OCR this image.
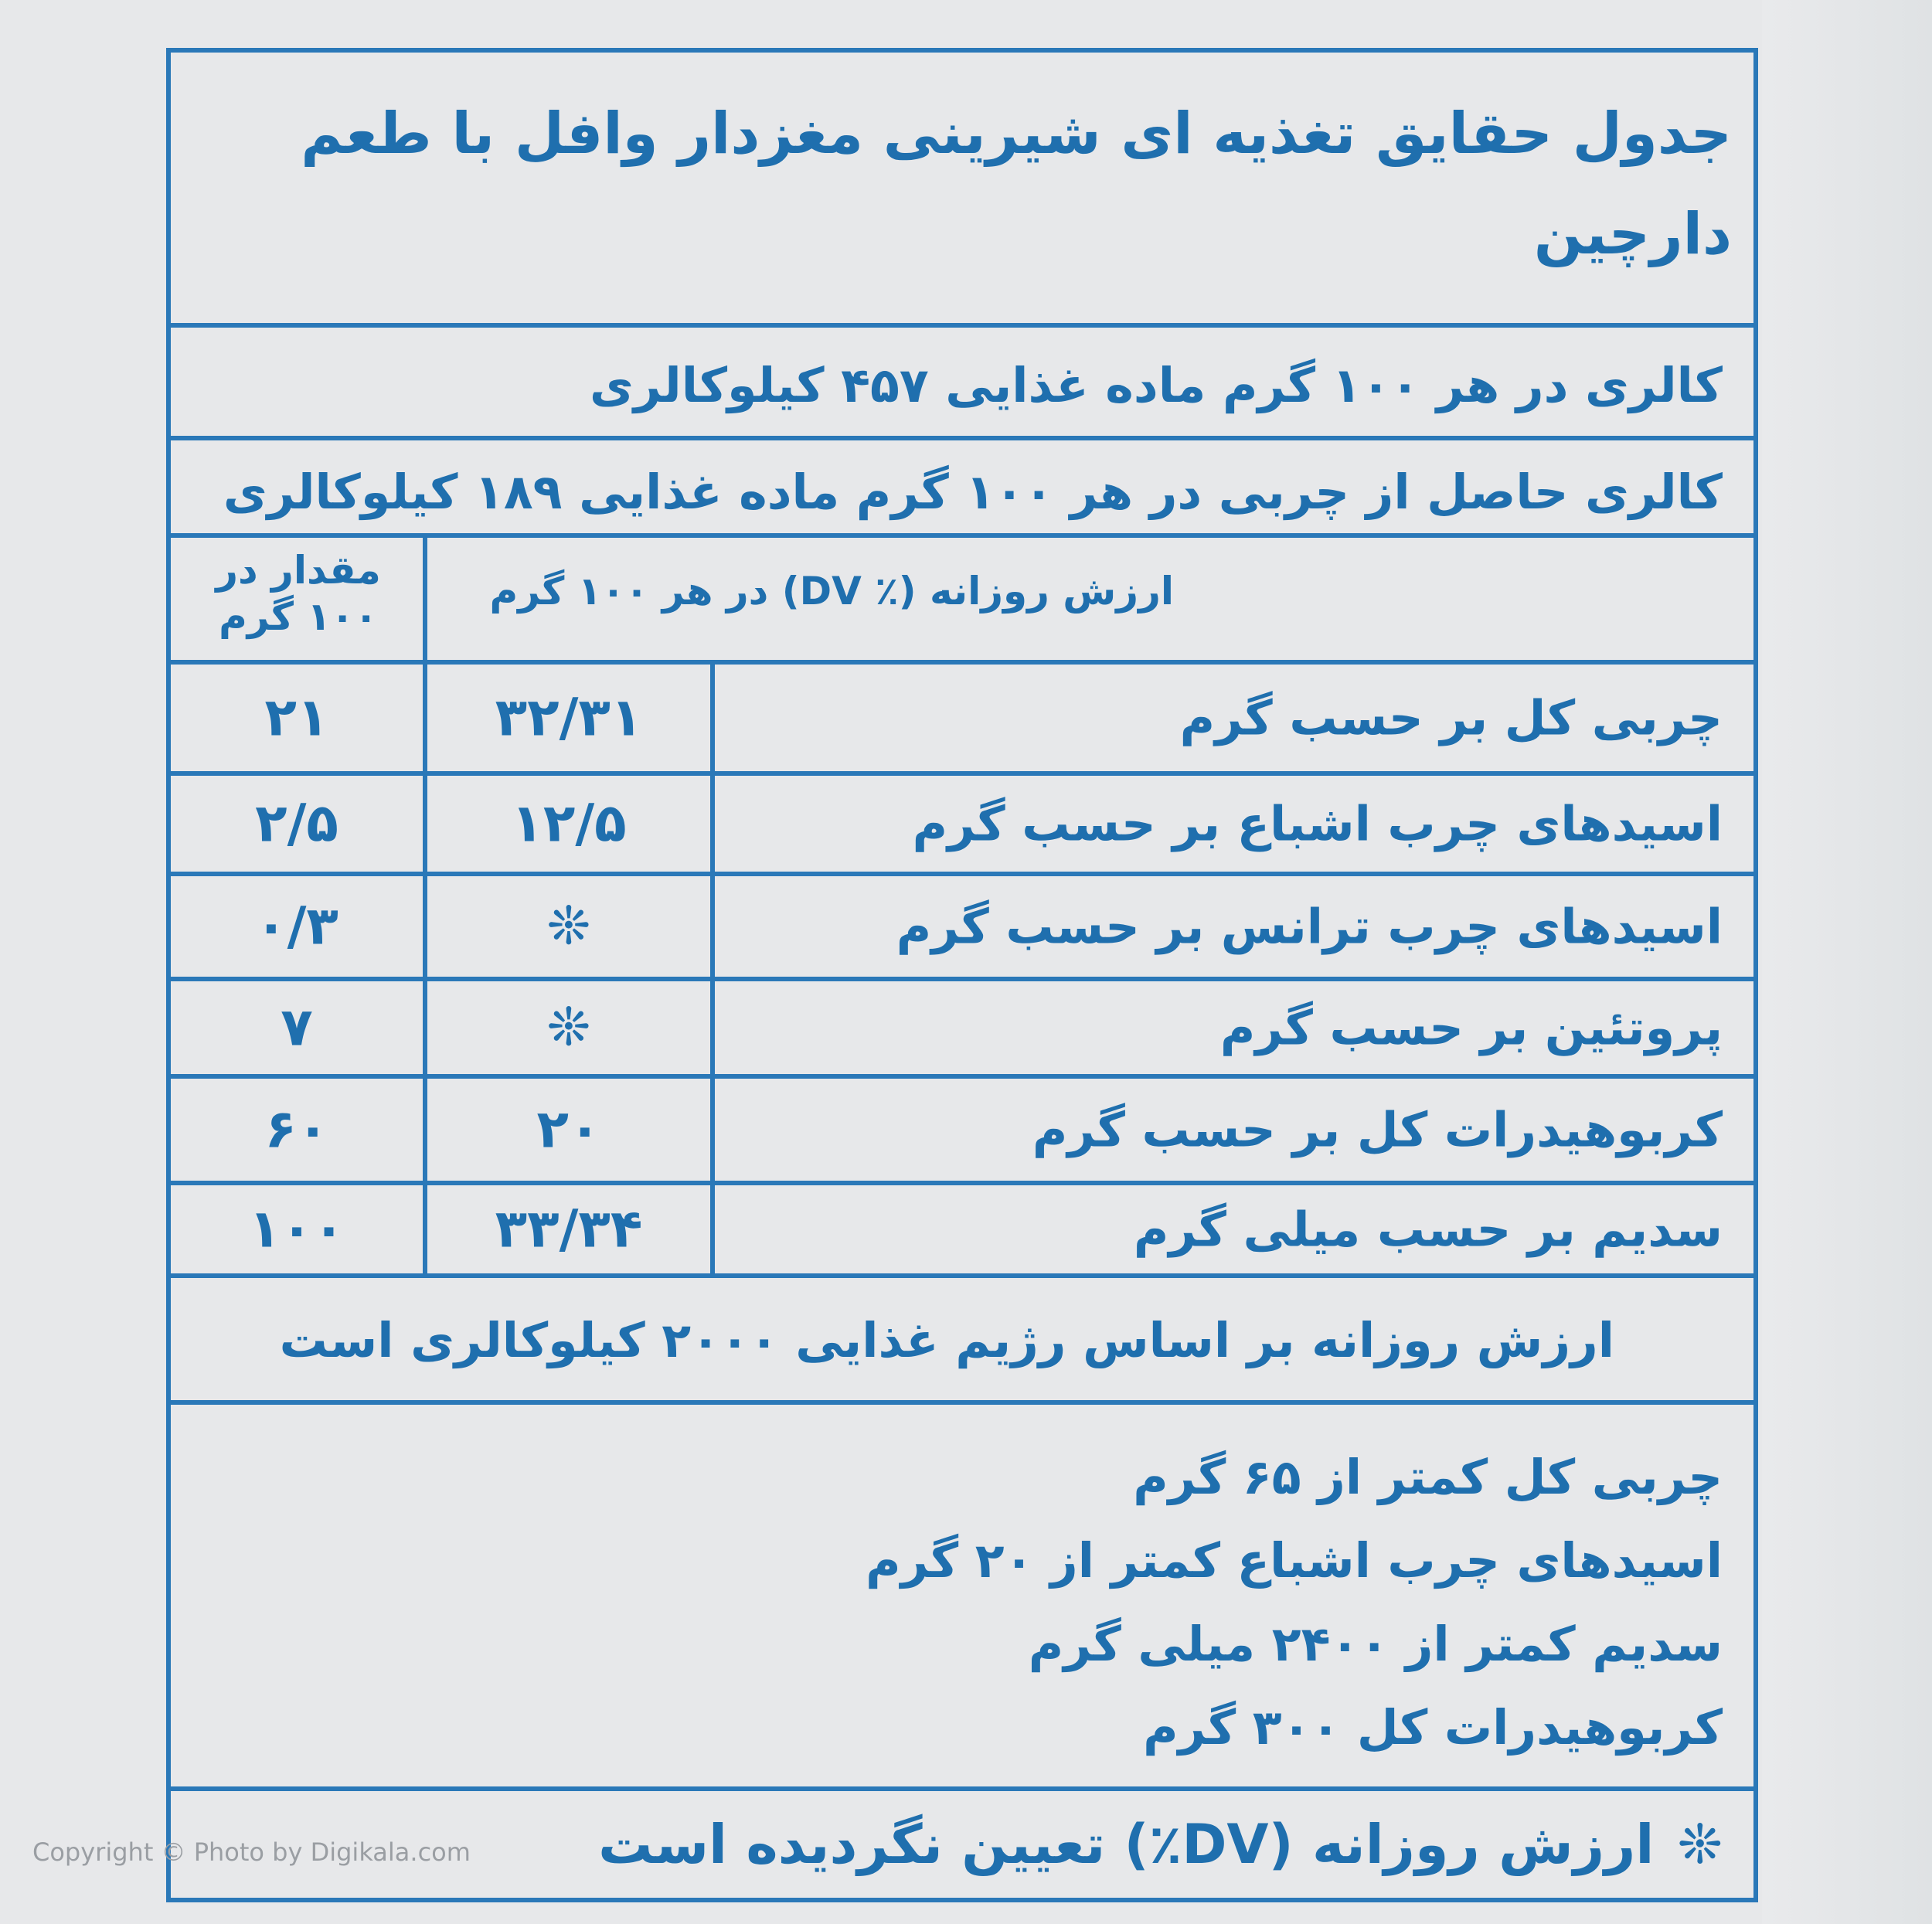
جدول حقایق تغذیه ای شیرینی مغزدار وافل با طعم دارچین
کالری در هر ۱۰۰ گرم ماده غذایی ۴۵۷ کیلوکالری
کالری حاصل از چربی در هر ۱۰۰ گرم ماده غذایی ۱۸۹ کیلوکالری
ارزش روزانه (٪ DV) در هر ۱۰۰ گرم
مقدار در ۱۰۰ گرم
چربی کل بر حسب گرم
۳۲/۳۱
۲۱
اسیدهای چرب اشباع بر حسب گرم
۱۲/۵
۲/۵
اسیدهای چرب ترانس بر حسب گرم
❊
۰/۳
پروتئین بر حسب گرم
❊
۷
کربوهیدرات کل بر حسب گرم
۲۰
۶۰
سدیم بر حسب میلی گرم
۳۳/۳۴
۱۰۰
ارزش روزانه بر اساس رژیم غذایی ۲۰۰۰ کیلوکالری است
چربی کل کمتر از ۶۵ گرم
اسیدهای چرب اشباع کمتر از ۲۰ گرم
سدیم کمتر از ۲۴۰۰ میلی گرم
کربوهیدرات کل ۳۰۰ گرم
❊
ارزش روزانه (DV٪) تعیین نگردیده است
Copyright © Photo by Digikala.com
